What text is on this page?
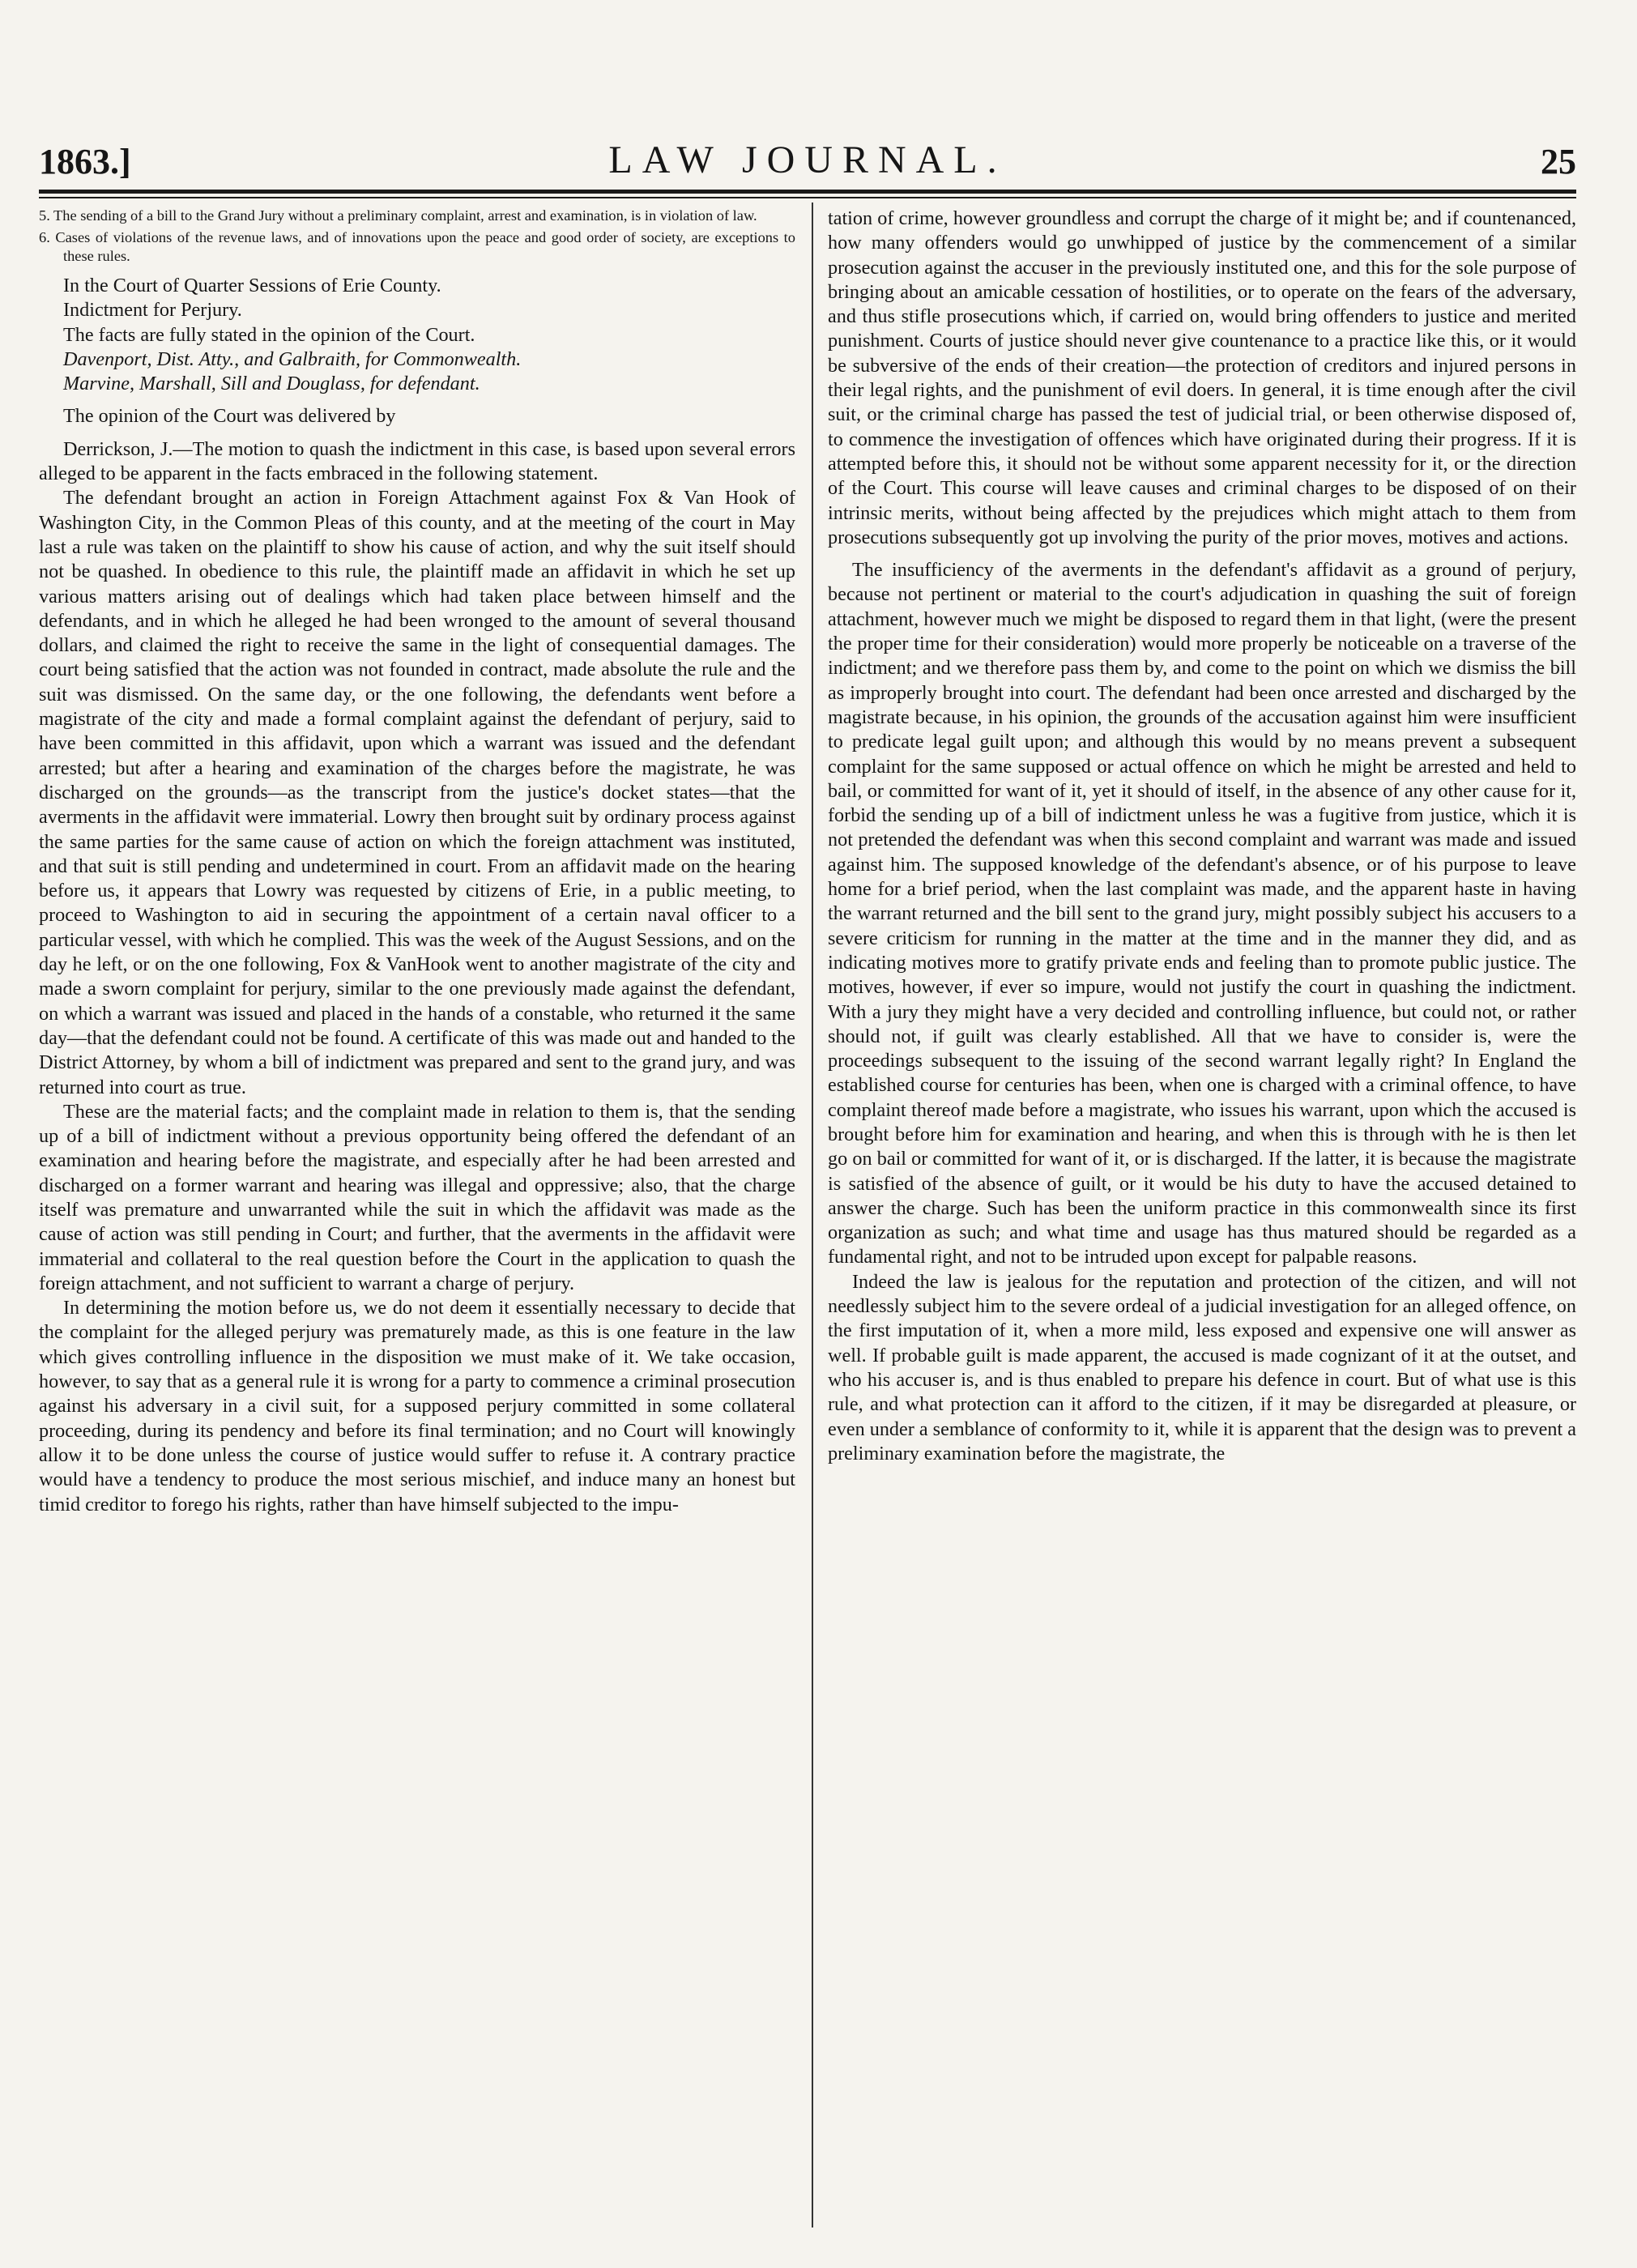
1863.]	LAW JOURNAL.	25

5. The sending of a bill to the Grand Jury without a preliminary complaint, arrest and examination, is in violation of law.

6. Cases of violations of the revenue laws, and of innovations upon the peace and good order of society, are exceptions to these rules.

In the Court of Quarter Sessions of Erie County.

Indictment for Perjury.

The facts are fully stated in the opinion of the Court.

Davenport, Dist. Atty., and Galbraith, for Commonwealth.

Marvine, Marshall, Sill and Douglass, for defendant.

The opinion of the Court was delivered by

Derrickson, J.—The motion to quash the indictment in this case, is based upon several errors alleged to be apparent in the facts embraced in the following statement.

The defendant brought an action in Foreign Attachment against Fox & Van Hook of Washington City, in the Common Pleas of this county, and at the meeting of the court in May last a rule was taken on the plaintiff to show his cause of action, and why the suit itself should not be quashed. In obedience to this rule, the plaintiff made an affidavit in which he set up various matters arising out of dealings which had taken place between himself and the defendants, and in which he alleged he had been wronged to the amount of several thousand dollars, and claimed the right to receive the same in the light of consequential damages. The court being satisfied that the action was not founded in contract, made absolute the rule and the suit was dismissed. On the same day, or the one following, the defendants went before a magistrate of the city and made a formal complaint against the defendant of perjury, said to have been committed in this affidavit, upon which a warrant was issued and the defendant arrested; but after a hearing and examination of the charges before the magistrate, he was discharged on the grounds—as the transcript from the justice's docket states—that the averments in the affidavit were immaterial. Lowry then brought suit by ordinary process against the same parties for the same cause of action on which the foreign attachment was instituted, and that suit is still pending and undetermined in court. From an affidavit made on the hearing before us, it appears that Lowry was requested by citizens of Erie, in a public meeting, to proceed to Washington to aid in securing the appointment of a certain naval officer to a particular vessel, with which he complied. This was the week of the August Sessions, and on the day he left, or on the one following, Fox & VanHook went to another magistrate of the city and made a sworn complaint for perjury, similar to the one previously made against the defendant, on which a warrant was issued and placed in the hands of a constable, who returned it the same day—that the defendant could not be found. A certificate of this was made out and handed to the District Attorney, by whom a bill of indictment was prepared and sent to the grand jury, and was returned into court as true.

These are the material facts; and the complaint made in relation to them is, that the sending up of a bill of indictment without a previous opportunity being offered the defendant of an examination and hearing before the magistrate, and especially after he had been arrested and discharged on a former warrant and hearing was illegal and oppressive; also, that the charge itself was premature and unwarranted while the suit in which the affidavit was made as the cause of action was still pending in Court; and further, that the averments in the affidavit were immaterial and collateral to the real question before the Court in the application to quash the foreign attachment, and not sufficient to warrant a charge of perjury.

In determining the motion before us, we do not deem it essentially necessary to decide that the complaint for the alleged perjury was prematurely made, as this is one feature in the law which gives controlling influence in the disposition we must make of it. We take occasion, however, to say that as a general rule it is wrong for a party to commence a criminal prosecution against his adversary in a civil suit, for a supposed perjury committed in some collateral proceeding, during its pendency and before its final termination; and no Court will knowingly allow it to be done unless the course of justice would suffer to refuse it. A contrary practice would have a tendency to produce the most serious mischief, and induce many an honest but timid creditor to forego his rights, rather than have himself subjected to the impu-

tation of crime, however groundless and corrupt the charge of it might be; and if countenanced, how many offenders would go unwhipped of justice by the commencement of a similar prosecution against the accuser in the previously instituted one, and this for the sole purpose of bringing about an amicable cessation of hostilities, or to operate on the fears of the adversary, and thus stifle prosecutions which, if carried on, would bring offenders to justice and merited punishment. Courts of justice should never give countenance to a practice like this, or it would be subversive of the ends of their creation—the protection of creditors and injured persons in their legal rights, and the punishment of evil doers. In general, it is time enough after the civil suit, or the criminal charge has passed the test of judicial trial, or been otherwise disposed of, to commence the investigation of offences which have originated during their progress. If it is attempted before this, it should not be without some apparent necessity for it, or the direction of the Court. This course will leave causes and criminal charges to be disposed of on their intrinsic merits, without being affected by the prejudices which might attach to them from prosecutions subsequently got up involving the purity of the prior moves, motives and actions.

The insufficiency of the averments in the defendant's affidavit as a ground of perjury, because not pertinent or material to the court's adjudication in quashing the suit of foreign attachment, however much we might be disposed to regard them in that light, (were the present the proper time for their consideration) would more properly be noticeable on a traverse of the indictment; and we therefore pass them by, and come to the point on which we dismiss the bill as improperly brought into court. The defendant had been once arrested and discharged by the magistrate because, in his opinion, the grounds of the accusation against him were insufficient to predicate legal guilt upon; and although this would by no means prevent a subsequent complaint for the same supposed or actual offence on which he might be arrested and held to bail, or committed for want of it, yet it should of itself, in the absence of any other cause for it, forbid the sending up of a bill of indictment unless he was a fugitive from justice, which it is not pretended the defendant was when this second complaint and warrant was made and issued against him. The supposed knowledge of the defendant's absence, or of his purpose to leave home for a brief period, when the last complaint was made, and the apparent haste in having the warrant returned and the bill sent to the grand jury, might possibly subject his accusers to a severe criticism for running in the matter at the time and in the manner they did, and as indicating motives more to gratify private ends and feeling than to promote public justice. The motives, however, if ever so impure, would not justify the court in quashing the indictment. With a jury they might have a very decided and controlling influence, but could not, or rather should not, if guilt was clearly established. All that we have to consider is, were the proceedings subsequent to the issuing of the second warrant legally right? In England the established course for centuries has been, when one is charged with a criminal offence, to have complaint thereof made before a magistrate, who issues his warrant, upon which the accused is brought before him for examination and hearing, and when this is through with he is then let go on bail or committed for want of it, or is discharged. If the latter, it is because the magistrate is satisfied of the absence of guilt, or it would be his duty to have the accused detained to answer the charge. Such has been the uniform practice in this commonwealth since its first organization as such; and what time and usage has thus matured should be regarded as a fundamental right, and not to be intruded upon except for palpable reasons.

Indeed the law is jealous for the reputation and protection of the citizen, and will not needlessly subject him to the severe ordeal of a judicial investigation for an alleged offence, on the first imputation of it, when a more mild, less exposed and expensive one will answer as well. If probable guilt is made apparent, the accused is made cognizant of it at the outset, and who his accuser is, and is thus enabled to prepare his defence in court. But of what use is this rule, and what protection can it afford to the citizen, if it may be disregarded at pleasure, or even under a semblance of conformity to it, while it is apparent that the design was to prevent a preliminary examination before the magistrate, the
